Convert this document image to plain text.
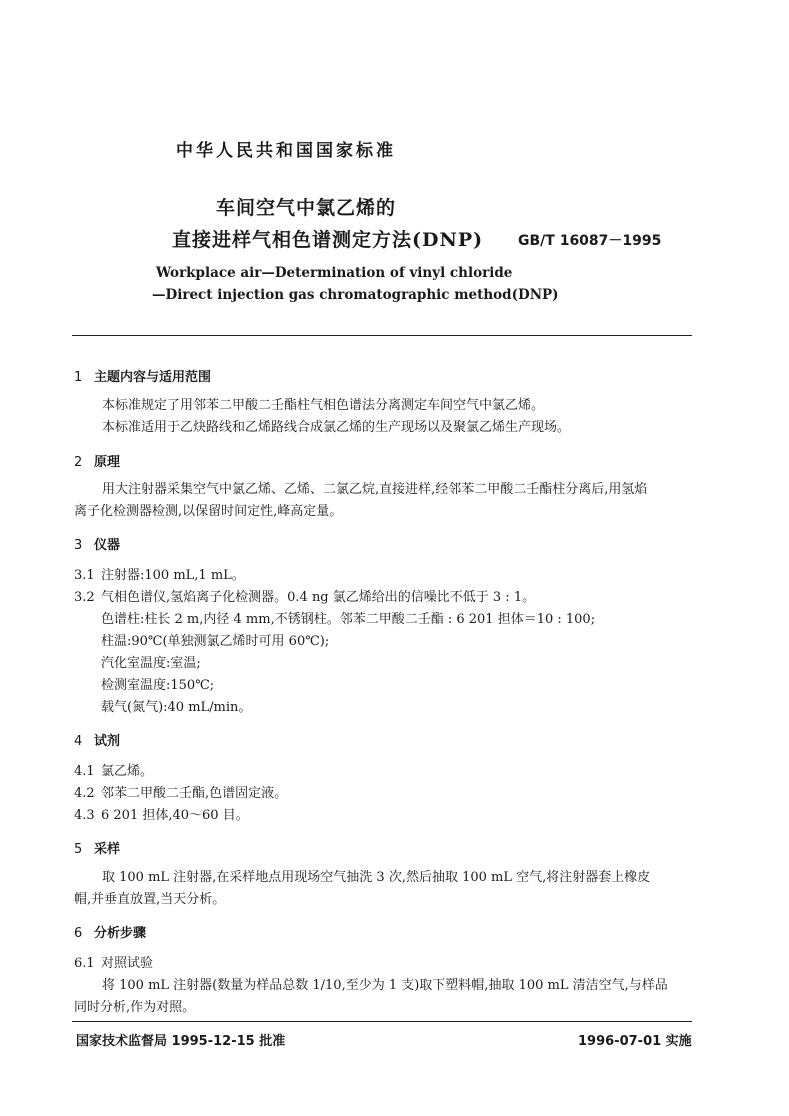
中华人民共和国国家标准
车间空气中氯乙烯的
直接进样气相色谱测定方法(DNP) GB/T 16087－1995
Workplace air—Determination of vinyl chloride
—Direct injection gas chromatographic method(DNP)
1 主题内容与适用范围
本标准规定了用邻苯二甲酸二壬酯柱气相色谱法分离测定车间空气中氯乙烯。
本标准适用于乙炔路线和乙烯路线合成氯乙烯的生产现场以及聚氯乙烯生产现场。
2 原理
用大注射器采集空气中氯乙烯、乙烯、二氯乙烷,直接进样,经邻苯二甲酸二壬酯柱分离后,用氢焰
离子化检测器检测,以保留时间定性,峰高定量。
3 仪器
3.1 注射器:100 mL,1 mL。
3.2 气相色谱仪,氢焰离子化检测器。0.4 ng 氯乙烯给出的信噪比不低于 3 : 1。
色谱柱:柱长 2 m,内径 4 mm,不锈钢柱。邻苯二甲酸二壬酯 : 6 201 担体＝10 : 100;
柱温:90℃(单独测氯乙烯时可用 60℃);
汽化室温度:室温;
检测室温度:150℃;
载气(氮气):40 mL/min。
4 试剂
4.1 氯乙烯。
4.2 邻苯二甲酸二壬酯,色谱固定液。
4.3 6 201 担体,40～60 目。
5 采样
取 100 mL 注射器,在采样地点用现场空气抽洗 3 次,然后抽取 100 mL 空气,将注射器套上橡皮
帽,并垂直放置,当天分析。
6 分析步骤
6.1 对照试验
将 100 mL 注射器(数量为样品总数 1/10,至少为 1 支)取下塑料帽,抽取 100 mL 清洁空气,与样品
同时分析,作为对照。
国家技术监督局 1995-12-15 批准	1996-07-01 实施
